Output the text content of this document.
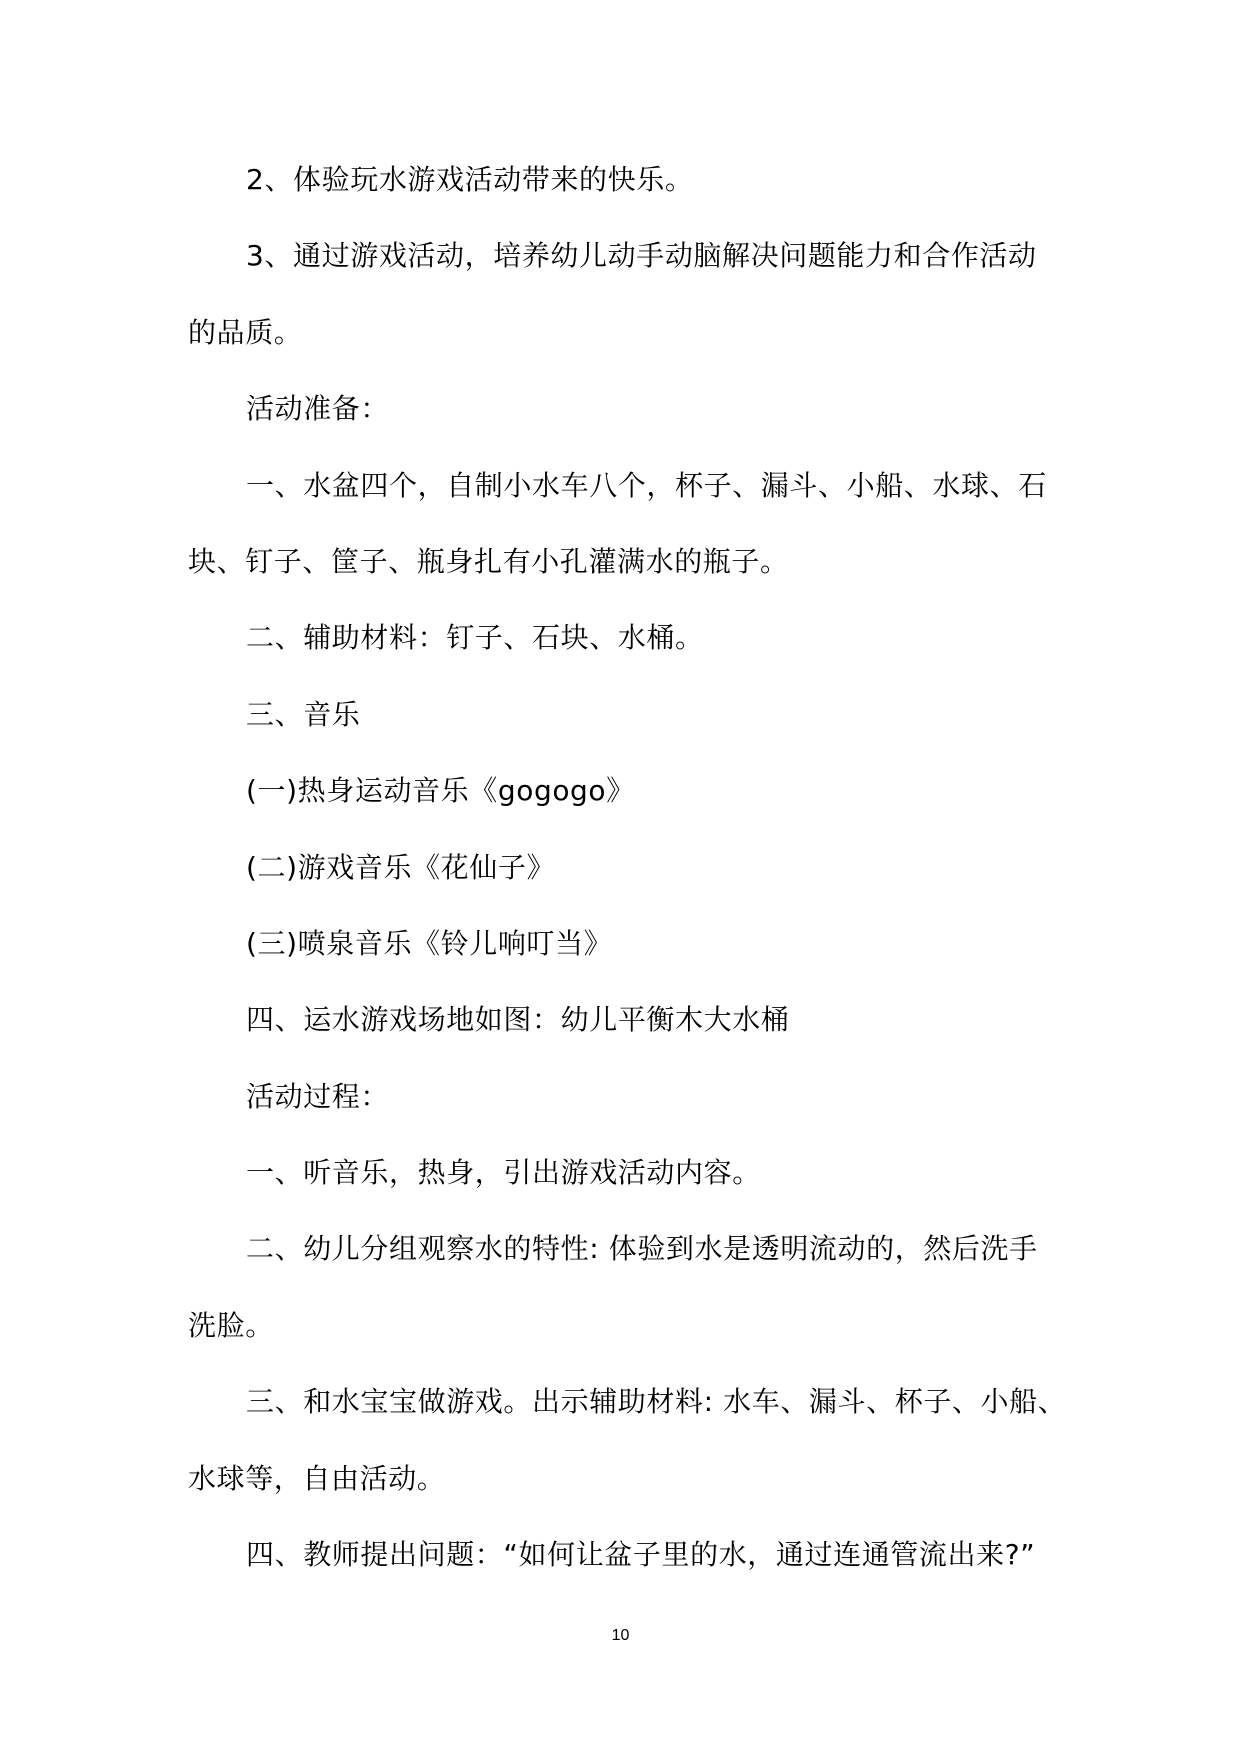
2、体验玩水游戏活动带来的快乐。
3、通过游戏活动，培养幼儿动手动脑解决问题能力和合作活动
的品质。
活动准备：
一、水盆四个，自制小水车八个，杯子、漏斗、小船、水球、石
块、钉子、筐子、瓶身扎有小孔灌满水的瓶子。
二、辅助材料：钉子、石块、水桶。
三、音乐
(一)热身运动音乐《gogogo》
(二)游戏音乐《花仙子》
(三)喷泉音乐《铃儿响叮当》
四、运水游戏场地如图：幼儿平衡木大水桶
活动过程：
一、听音乐，热身，引出游戏活动内容。
二、幼儿分组观察水的特性: 体验到水是透明流动的，然后洗手
洗脸。
三、和水宝宝做游戏。出示辅助材料: 水车、漏斗、杯子、小船、
水球等，自由活动。
四、教师提出问题：“如何让盆子里的水，通过连通管流出来?”
10
